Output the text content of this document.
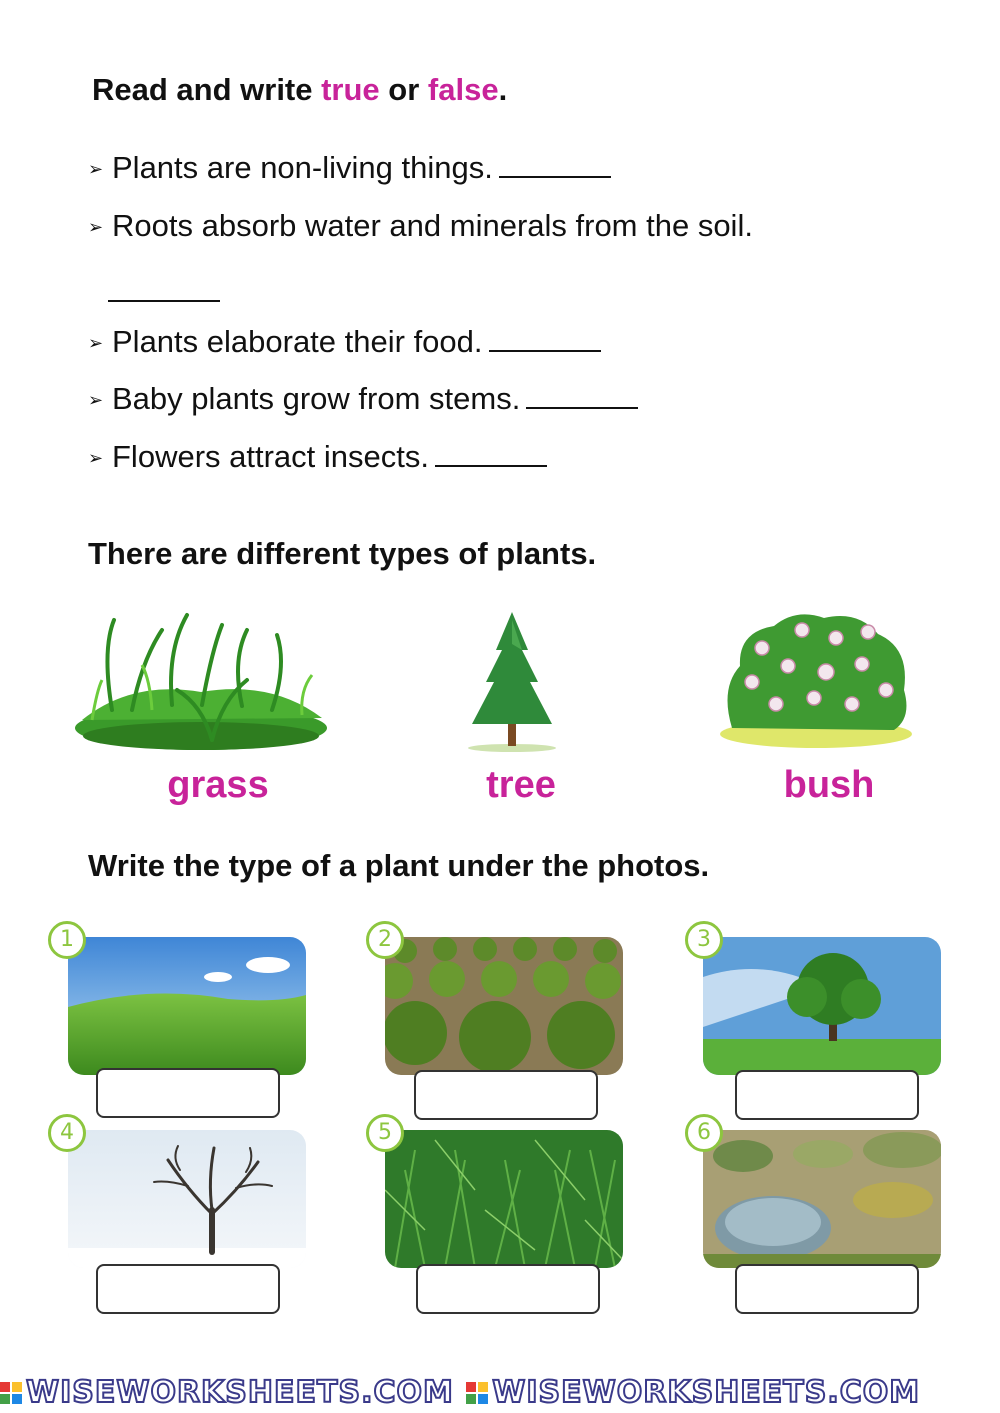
Read and write true or false.
➢ Plants are non-living things.
➢ Roots absorb water and minerals from the soil.
➢ Plants elaborate their food.
➢ Baby plants grow from stems.
➢ Flowers attract insects.
There are different types of plants.
grass	tree	bush
Write the type of a plant under the photos.
1	2	3
4	5	6
WISEWORKSHEETS.COM WISEWORKSHEETS.COM
